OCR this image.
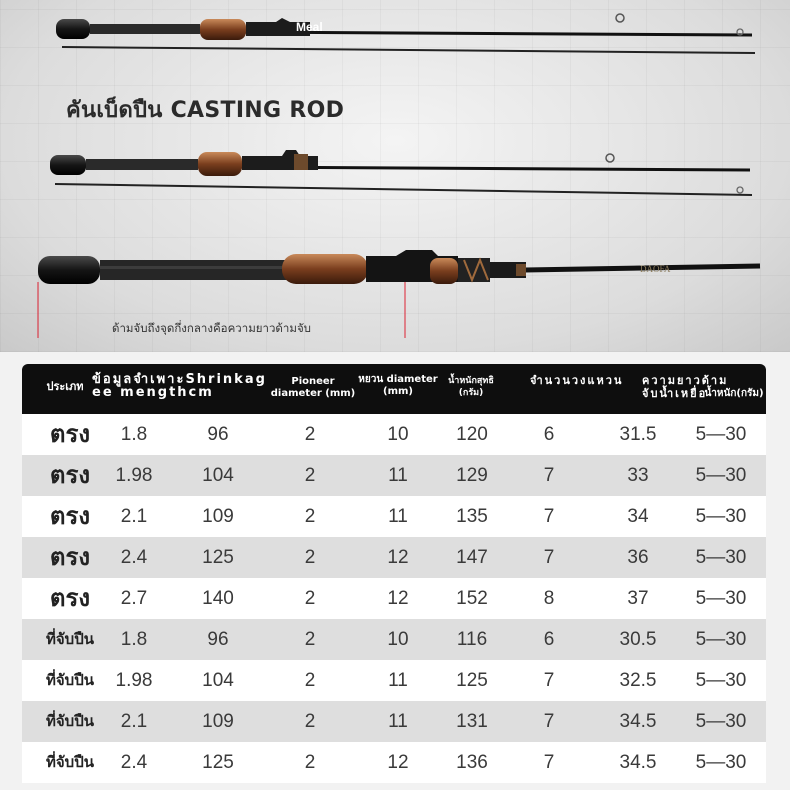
DAOFA
Meal
คันเบ็ดปืน CASTING ROD
ด้ามจับถึงจุดกึ่งกลางคือความยาวด้ามจับ
ประเภท ข้อมูลจำเพาะShrinkagee mengthcm
Pioneer diameter (mm)
หยวน diameter (mm)
น้ำหนักสุทธิ (กรัม)
จำนวนวงแหวน	ความยาวด้ามจับน้ำเหยื่อ
น้ำหนัก(กรัม)
ตรง	1.8	96	2	10	120	6	31.5 5—30
ตรง	1.98	104	2	11	129	7	33 5—30
ตรง	2.1	109	2	11	135	7	34 5—30
ตรง	2.4	125	2	12	147	7	36 5—30
ตรง	2.7	140	2	12	152	8	37 5—30
ที่จับปืน	1.8	96	2	10	116	6	30.5 5—30
ที่จับปืน	1.98	104	2	11	125	7	32.5 5—30
ที่จับปืน	2.1	109	2	11	131	7	34.5 5—30
ที่จับปืน	2.4	125	2	12	136	7	34.5 5—30
